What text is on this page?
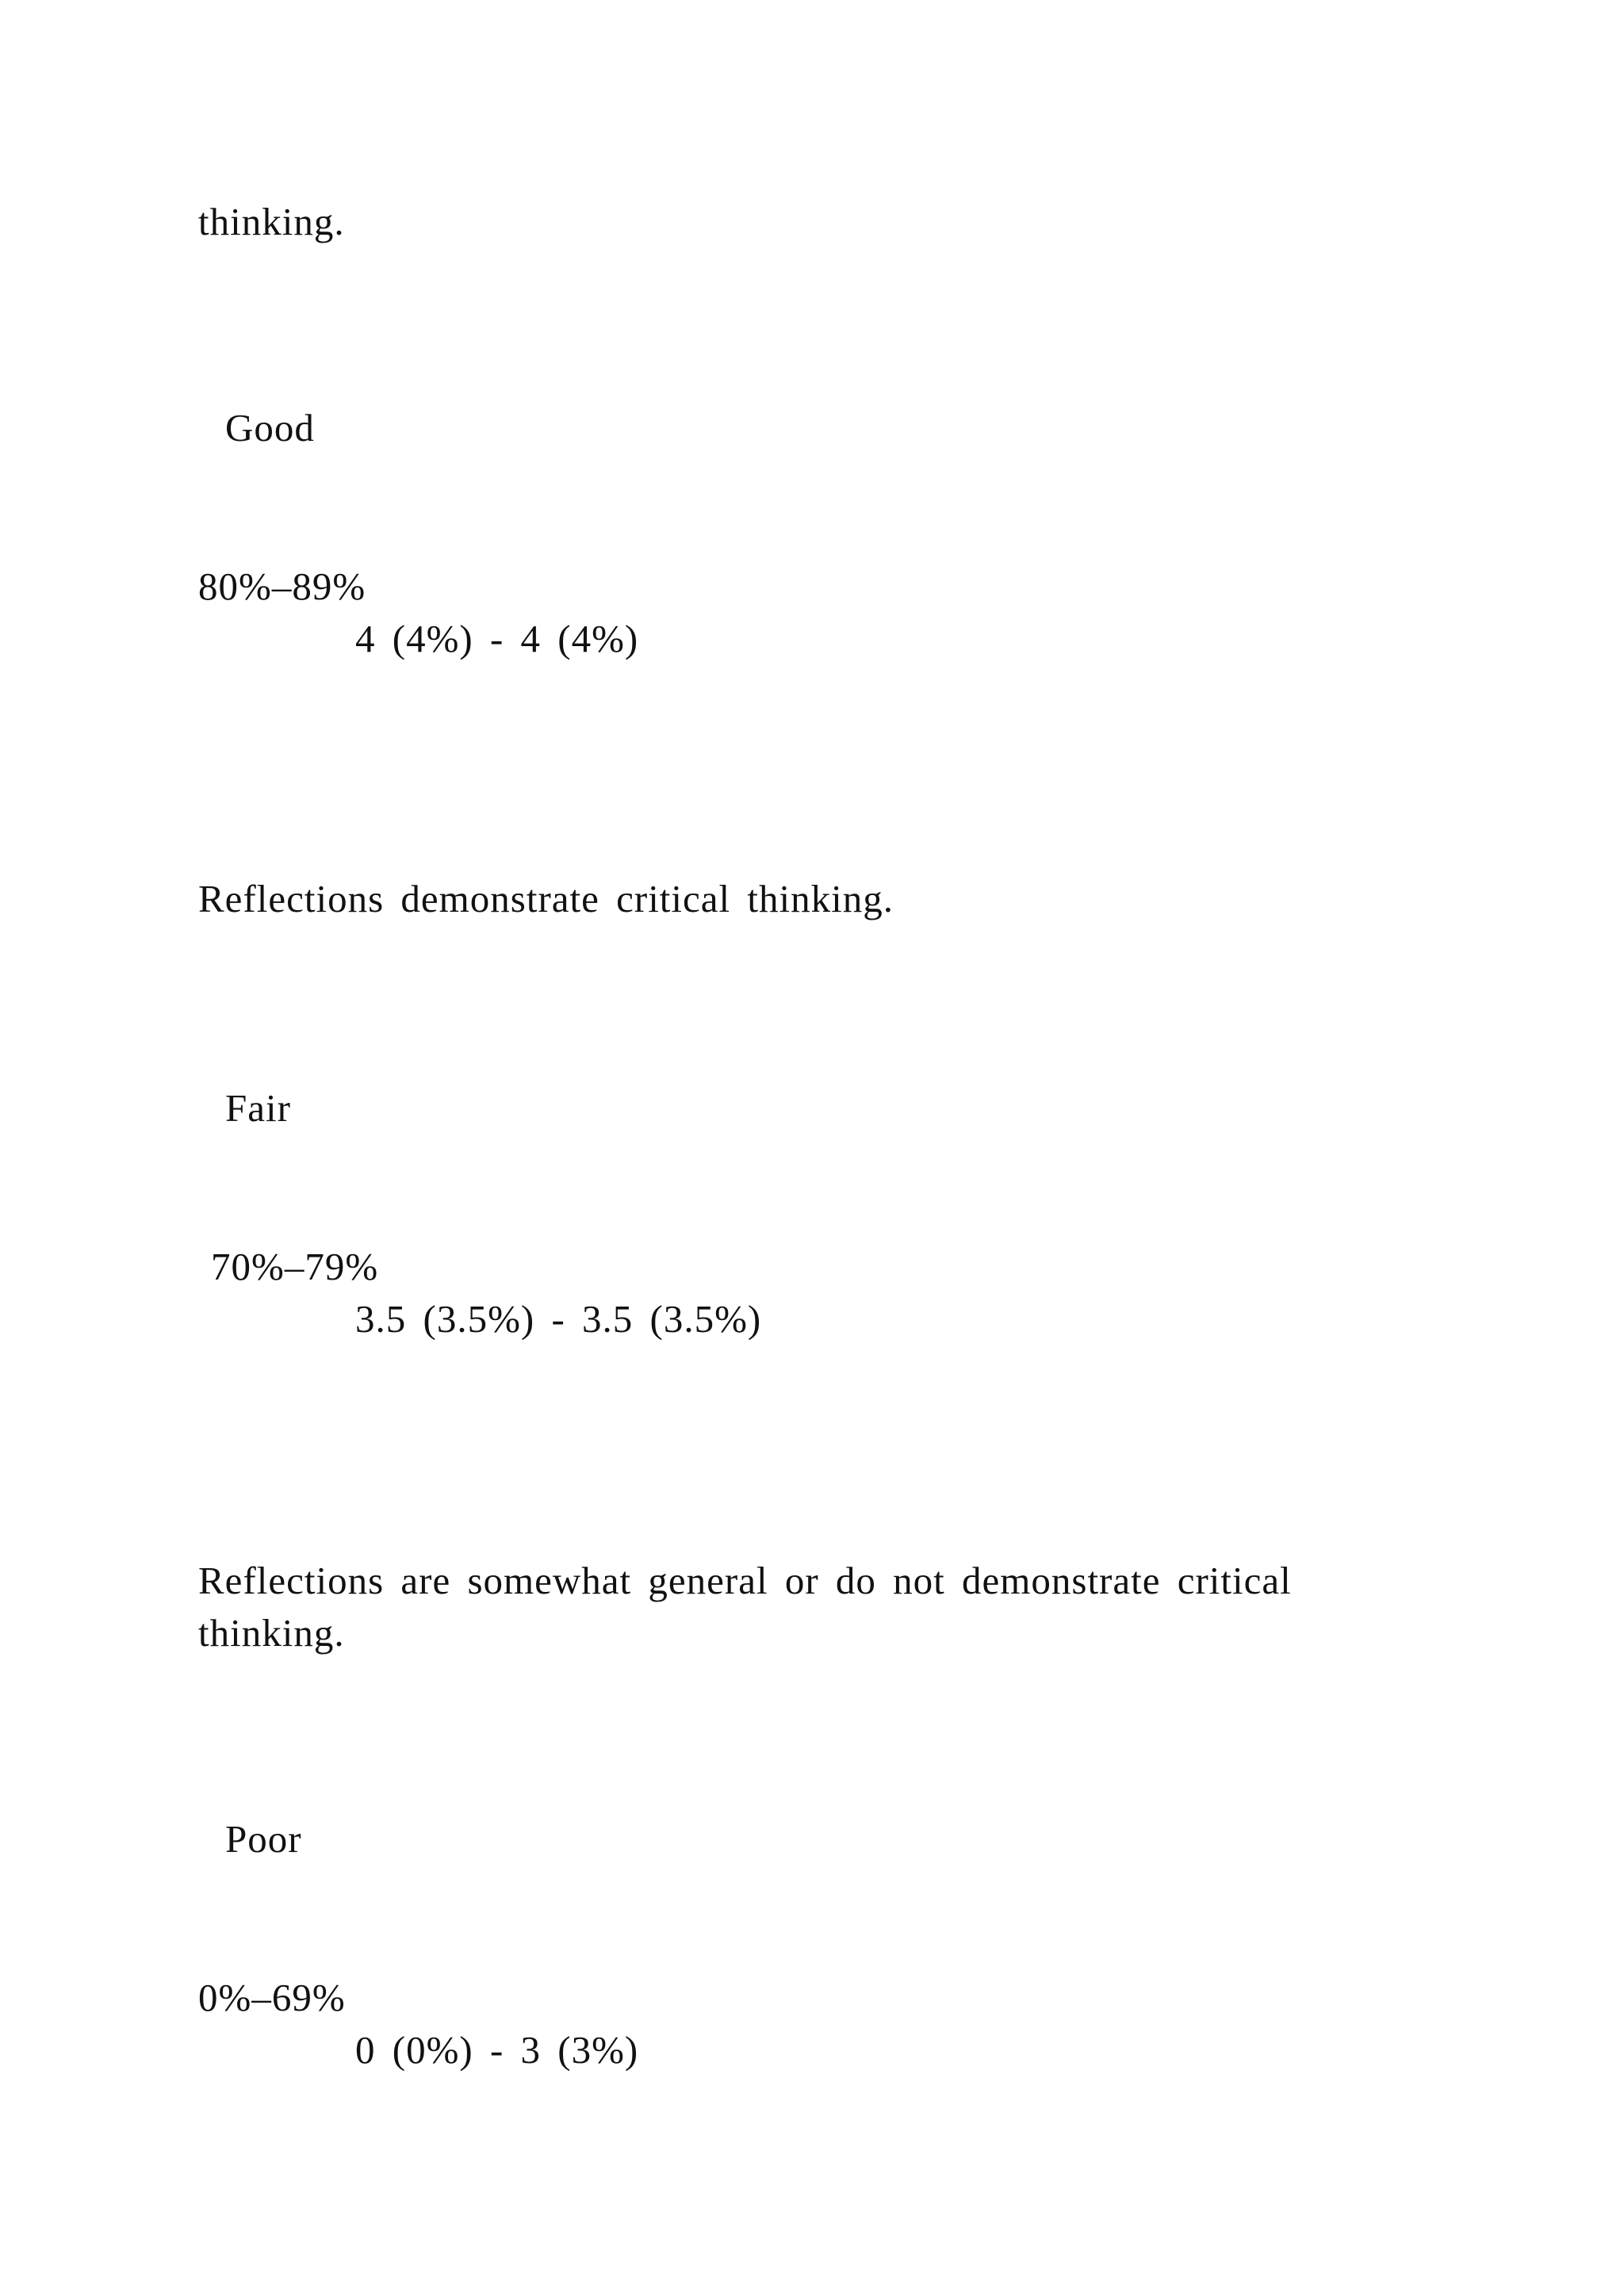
thinking.
Good
80%–89%
4 (4%) - 4 (4%)
Reflections demonstrate critical thinking.
Fair
70%–79%
3.5 (3.5%) - 3.5 (3.5%)
Reflections are somewhat general or do not demonstrate critical
thinking.
Poor
0%–69%
0 (0%) - 3 (3%)
